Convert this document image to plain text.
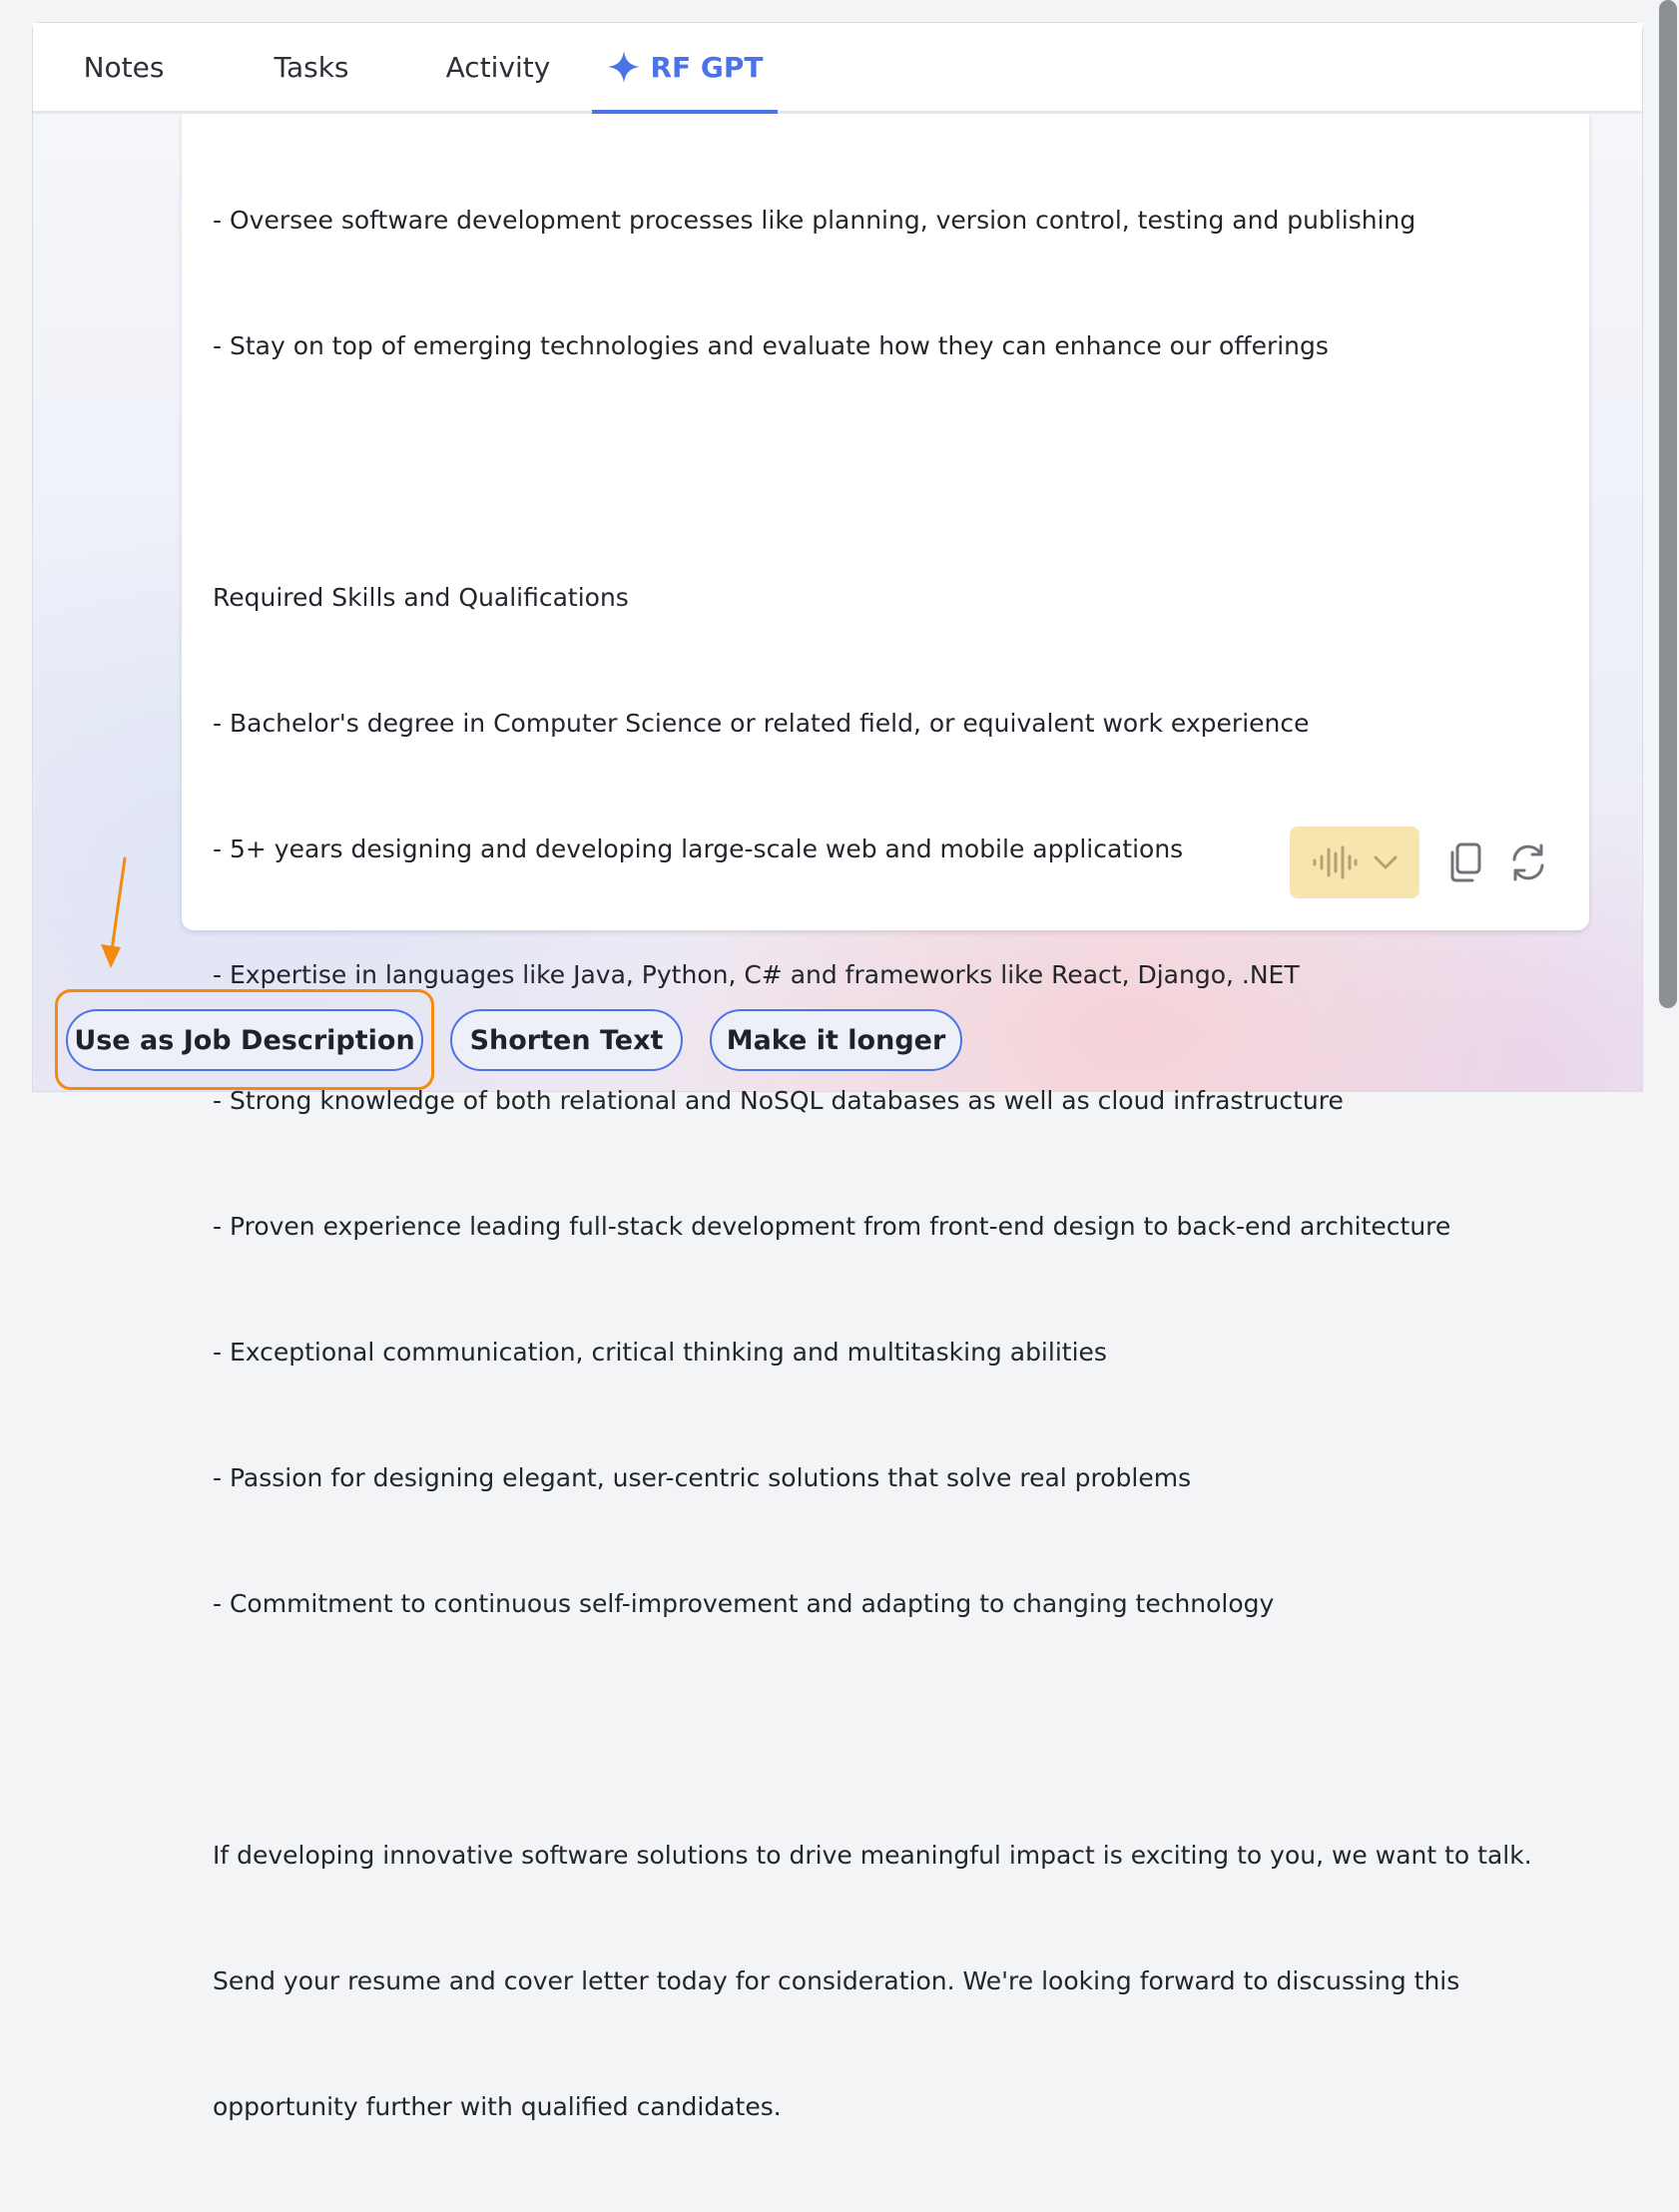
Notes	Tasks	Activity	RF GPT

- Oversee software development processes like planning, version control, testing and publishing

- Stay on top of emerging technologies and evaluate how they can enhance our offerings

Required Skills and Qualifications

- Bachelor's degree in Computer Science or related field, or equivalent work experience

- 5+ years designing and developing large-scale web and mobile applications

- Expertise in languages like Java, Python, C# and frameworks like React, Django, .NET

- Strong knowledge of both relational and NoSQL databases as well as cloud infrastructure

- Proven experience leading full-stack development from front-end design to back-end architecture

- Exceptional communication, critical thinking and multitasking abilities

- Passion for designing elegant, user-centric solutions that solve real problems

- Commitment to continuous self-improvement and adapting to changing technology

If developing innovative software solutions to drive meaningful impact is exciting to you, we want to talk.

Send your resume and cover letter today for consideration. We're looking forward to discussing this

opportunity further with qualified candidates.

Use as Job Description Shorten Text Make it longer
